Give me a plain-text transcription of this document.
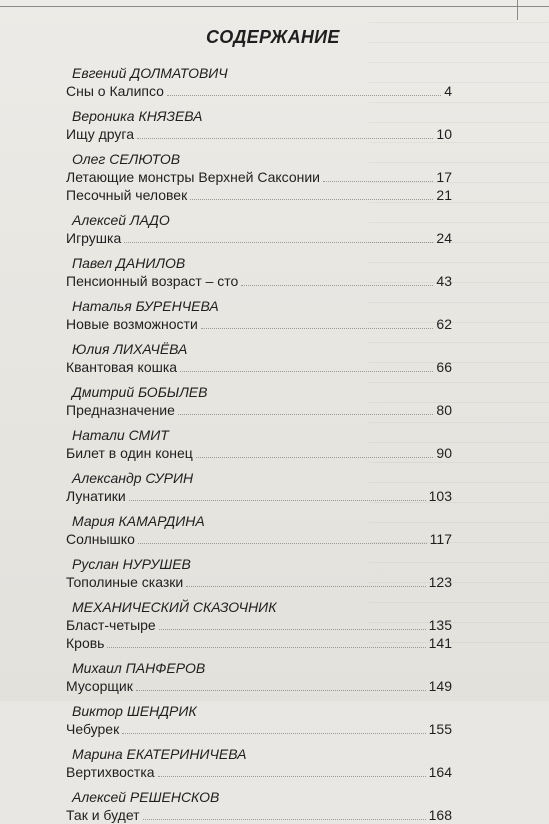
СОДЕРЖАНИЕ
Евгений ДОЛМАТОВИЧ
Сны о Калипсо	4
Вероника КНЯЗЕВА
Ищу друга	10
Олег СЕЛЮТОВ
Летающие монстры Верхней Саксонии	17
Песочный человек	21
Алексей ЛАДО
Игрушка	24
Павел ДАНИЛОВ
Пенсионный возраст – сто	43
Наталья БУРЕНЧЕВА
Новые возможности	62
Юлия ЛИХАЧЁВА
Квантовая кошка	66
Дмитрий БОБЫЛЕВ
Предназначение	80
Натали СМИТ
Билет в один конец	90
Александр СУРИН
Лунатики	103
Мария КАМАРДИНА
Солнышко	117
Руслан НУРУШЕВ
Тополиные сказки	123
МЕХАНИЧЕСКИЙ СКАЗОЧНИК
Бласт-четыре	135
Кровь	141
Михаил ПАНФЕРОВ
Мусорщик	149
Виктор ШЕНДРИК
Чебурек	155
Марина ЕКАТЕРИНИЧЕВА
Вертихвостка	164
Алексей РЕШЕНСКОВ
Так и будет	168
